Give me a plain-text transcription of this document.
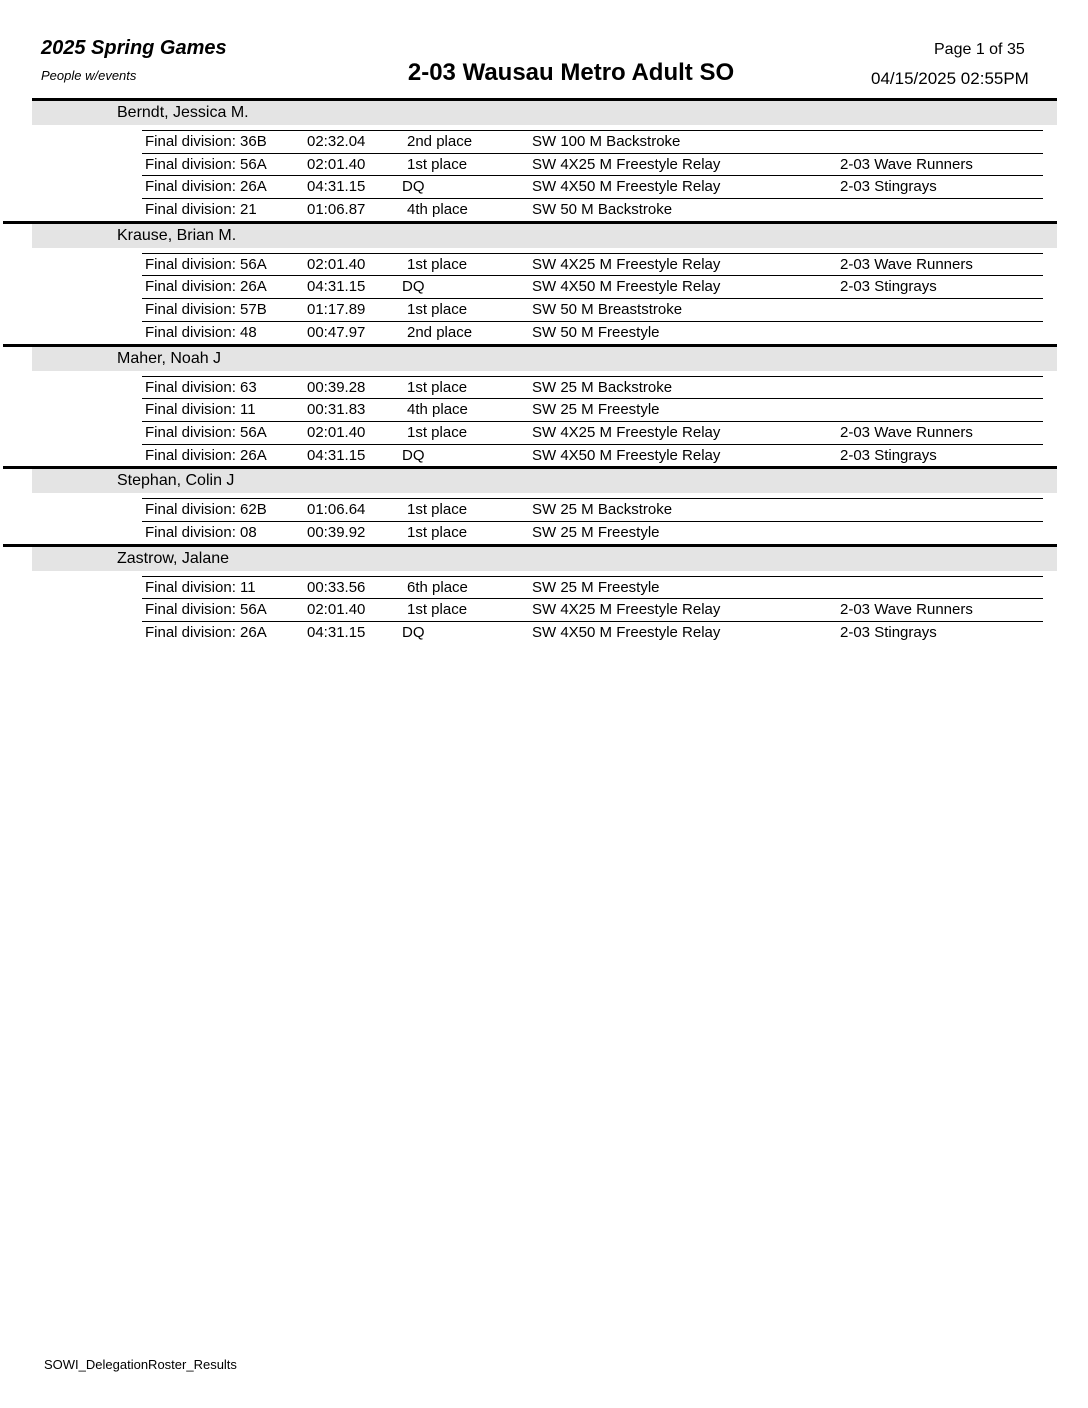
2025 Spring Games
People w/events	2-03 Wausau Metro Adult SO
Page 1 of 35
04/15/2025 02:55PM
Berndt, Jessica M.
Final division: 36B	02:32.04	2nd place	SW 100 M Backstroke
Final division: 56A	02:01.40	1st place	SW 4X25 M Freestyle Relay	2-03 Wave Runners
Final division: 26A	04:31.15 DQ	SW 4X50 M Freestyle Relay	2-03 Stingrays
Final division: 21	01:06.87	4th place	SW 50 M Backstroke
Krause, Brian M.
Final division: 56A	02:01.40	1st place	SW 4X25 M Freestyle Relay	2-03 Wave Runners
Final division: 26A	04:31.15 DQ	SW 4X50 M Freestyle Relay	2-03 Stingrays
Final division: 57B	01:17.89	1st place	SW 50 M Breaststroke
Final division: 48	00:47.97	2nd place	SW 50 M Freestyle
Maher, Noah J
Final division: 63	00:39.28	1st place	SW 25 M Backstroke
Final division: 11	00:31.83	4th place	SW 25 M Freestyle
Final division: 56A	02:01.40	1st place	SW 4X25 M Freestyle Relay	2-03 Wave Runners
Final division: 26A	04:31.15 DQ	SW 4X50 M Freestyle Relay	2-03 Stingrays
Stephan, Colin J
Final division: 62B	01:06.64	1st place	SW 25 M Backstroke
Final division: 08	00:39.92	1st place	SW 25 M Freestyle
Zastrow, Jalane
Final division: 11	00:33.56	6th place	SW 25 M Freestyle
Final division: 56A	02:01.40	1st place	SW 4X25 M Freestyle Relay	2-03 Wave Runners
Final division: 26A	04:31.15 DQ	SW 4X50 M Freestyle Relay	2-03 Stingrays
SOWI_DelegationRoster_Results
